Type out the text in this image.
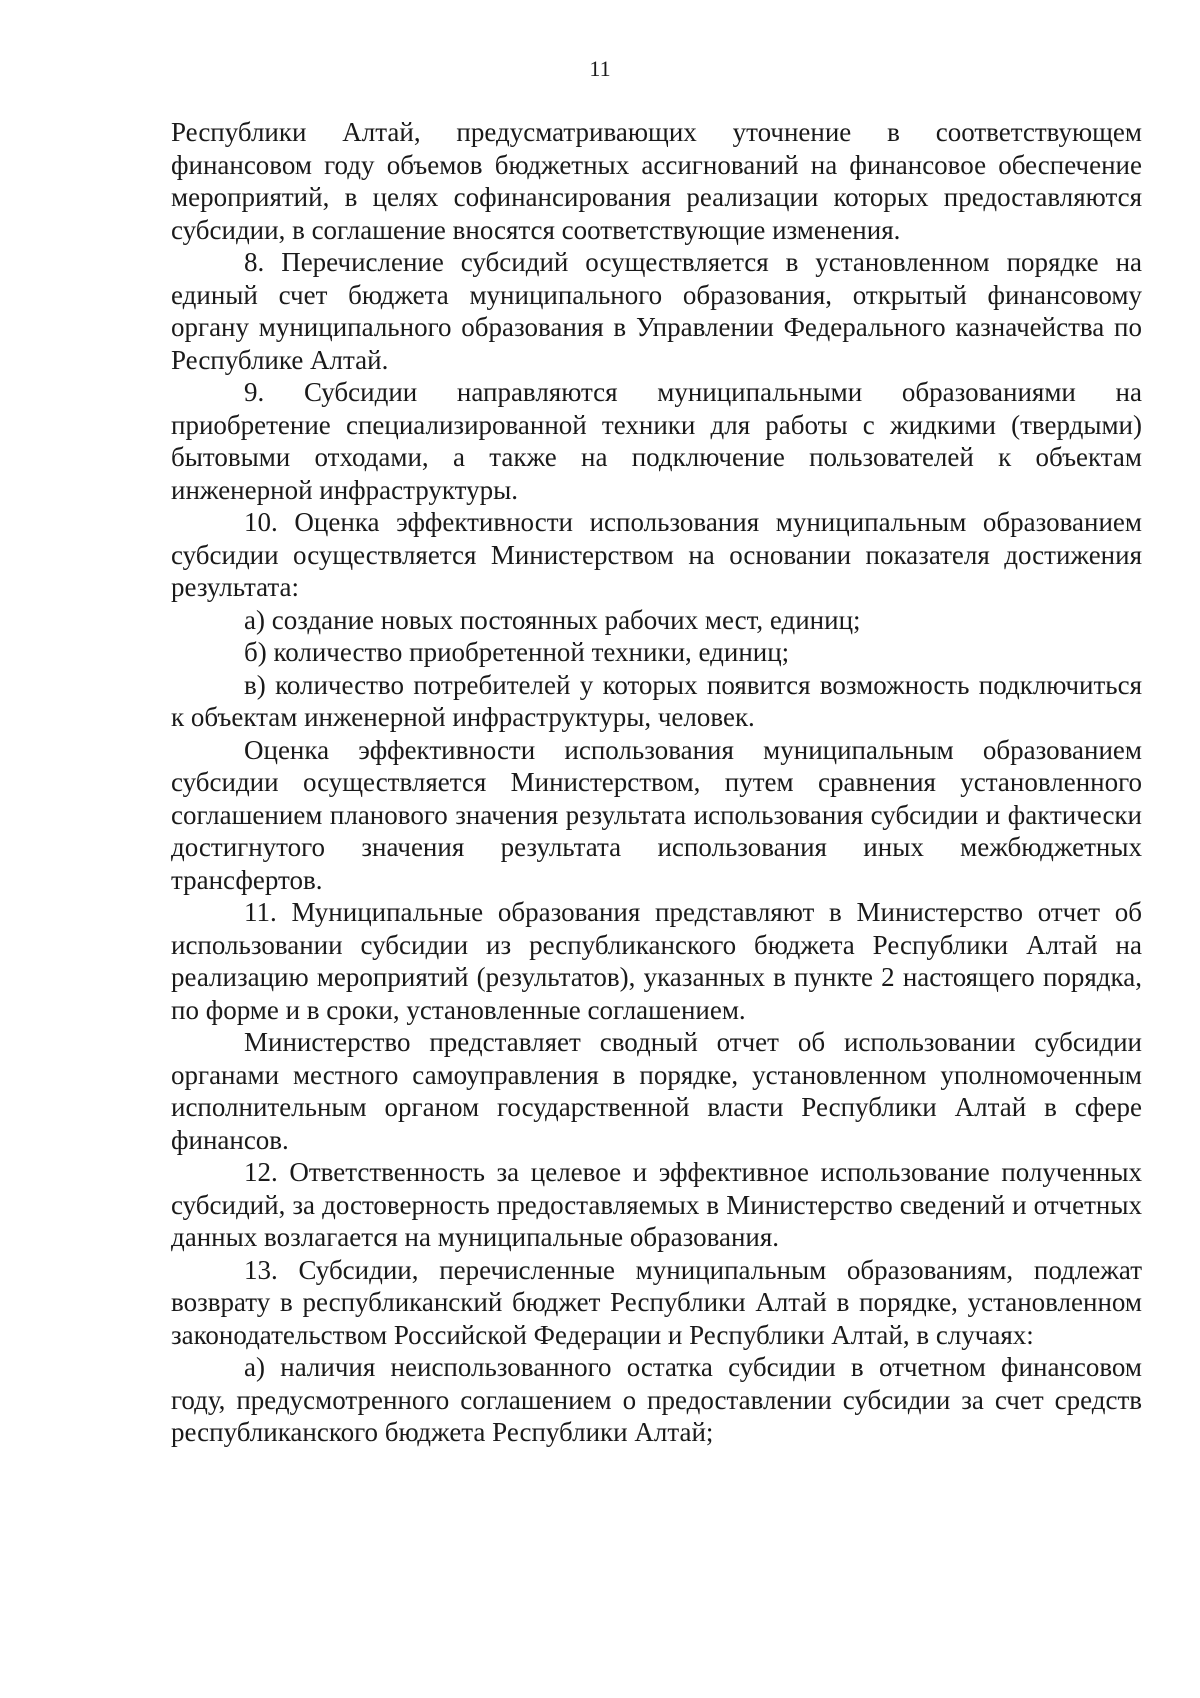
11

Республики Алтай, предусматривающих уточнение в соответствующем финансовом году объемов бюджетных ассигнований на финансовое обеспечение мероприятий, в целях софинансирования реализации которых предоставляются субсидии, в соглашение вносятся соответствующие изменения.

8. Перечисление субсидий осуществляется в установленном порядке на единый счет бюджета муниципального образования, открытый финансовому органу муниципального образования в Управлении Федерального казначейства по Республике Алтай.

9. Субсидии направляются муниципальными образованиями на приобретение специализированной техники для работы с жидкими (твердыми) бытовыми отходами, а также на подключение пользователей к объектам инженерной инфраструктуры.

10. Оценка эффективности использования муниципальным образованием субсидии осуществляется Министерством на основании показателя достижения результата:

а) создание новых постоянных рабочих мест, единиц;

б) количество приобретенной техники, единиц;

в) количество потребителей у которых появится возможность подключиться к объектам инженерной инфраструктуры, человек.

Оценка эффективности использования муниципальным образованием субсидии осуществляется Министерством, путем сравнения установленного соглашением планового значения результата использования субсидии и фактически достигнутого значения результата использования иных межбюджетных трансфертов.

11. Муниципальные образования представляют в Министерство отчет об использовании субсидии из республиканского бюджета Республики Алтай на реализацию мероприятий (результатов), указанных в пункте 2 настоящего порядка, по форме и в сроки, установленные соглашением.

Министерство представляет сводный отчет об использовании субсидии органами местного самоуправления в порядке, установленном уполномоченным исполнительным органом государственной власти Республики Алтай в сфере финансов.

12. Ответственность за целевое и эффективное использование полученных субсидий, за достоверность предоставляемых в Министерство сведений и отчетных данных возлагается на муниципальные образования.

13. Субсидии, перечисленные муниципальным образованиям, подлежат возврату в республиканский бюджет Республики Алтай в порядке, установленном законодательством Российской Федерации и Республики Алтай, в случаях:

а) наличия неиспользованного остатка субсидии в отчетном финансовом году, предусмотренного соглашением о предоставлении субсидии за счет средств республиканского бюджета Республики Алтай;
